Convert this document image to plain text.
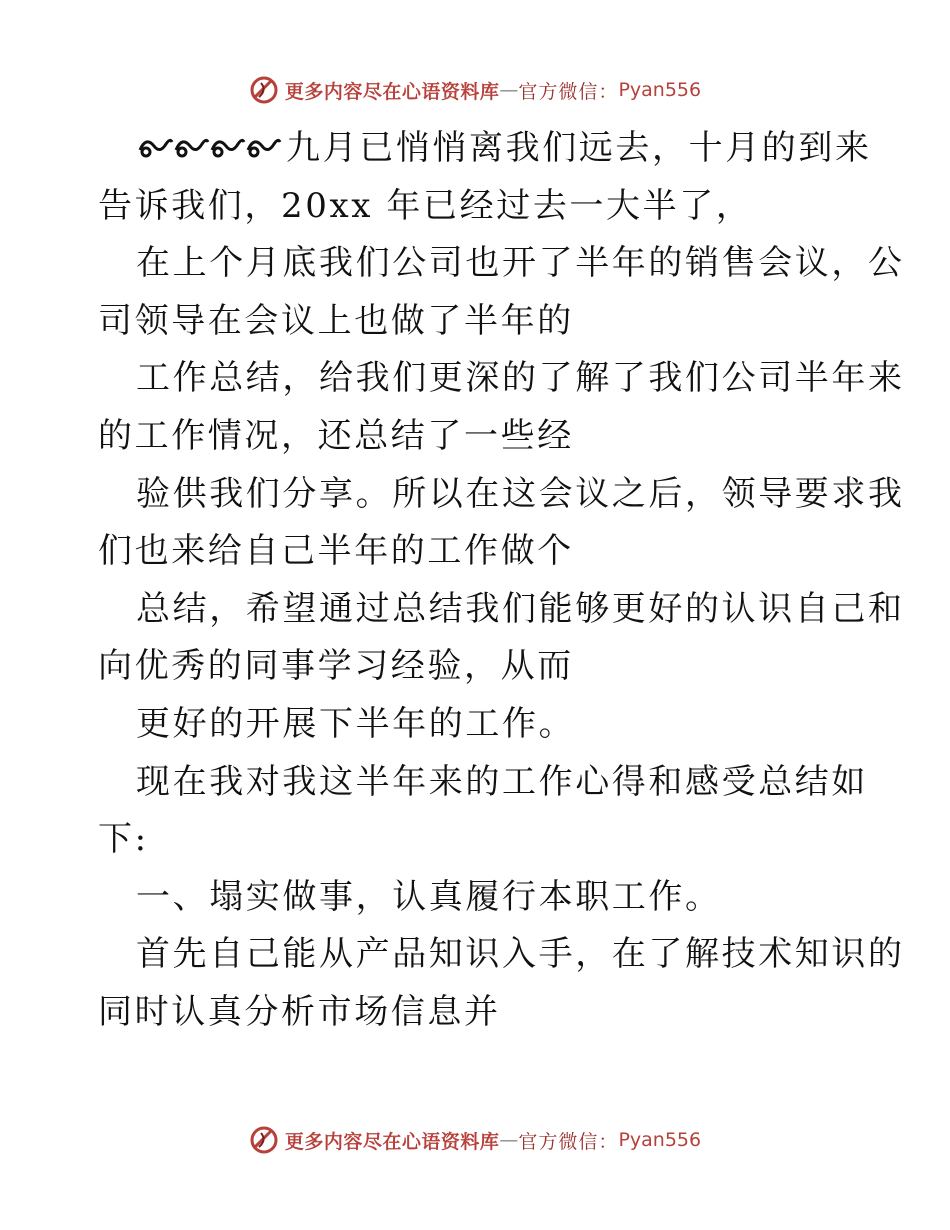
更多内容尽在心语资料库 — 官方微信： Pyan556
九月已悄悄离我们远去，十月的到来
告诉我们，20xx 年已经过去一大半了，
在上个月底我们公司也开了半年的销售会议，公
司领导在会议上也做了半年的
工作总结，给我们更深的了解了我们公司半年来
的工作情况，还总结了一些经
验供我们分享。所以在这会议之后，领导要求我
们也来给自己半年的工作做个
总结，希望通过总结我们能够更好的认识自己和
向优秀的同事学习经验，从而
更好的开展下半年的工作。
现在我对我这半年来的工作心得和感受总结如
下:
一、塌实做事，认真履行本职工作。
首先自己能从产品知识入手，在了解技术知识的
同时认真分析市场信息并
更多内容尽在心语资料库 — 官方微信： Pyan556
